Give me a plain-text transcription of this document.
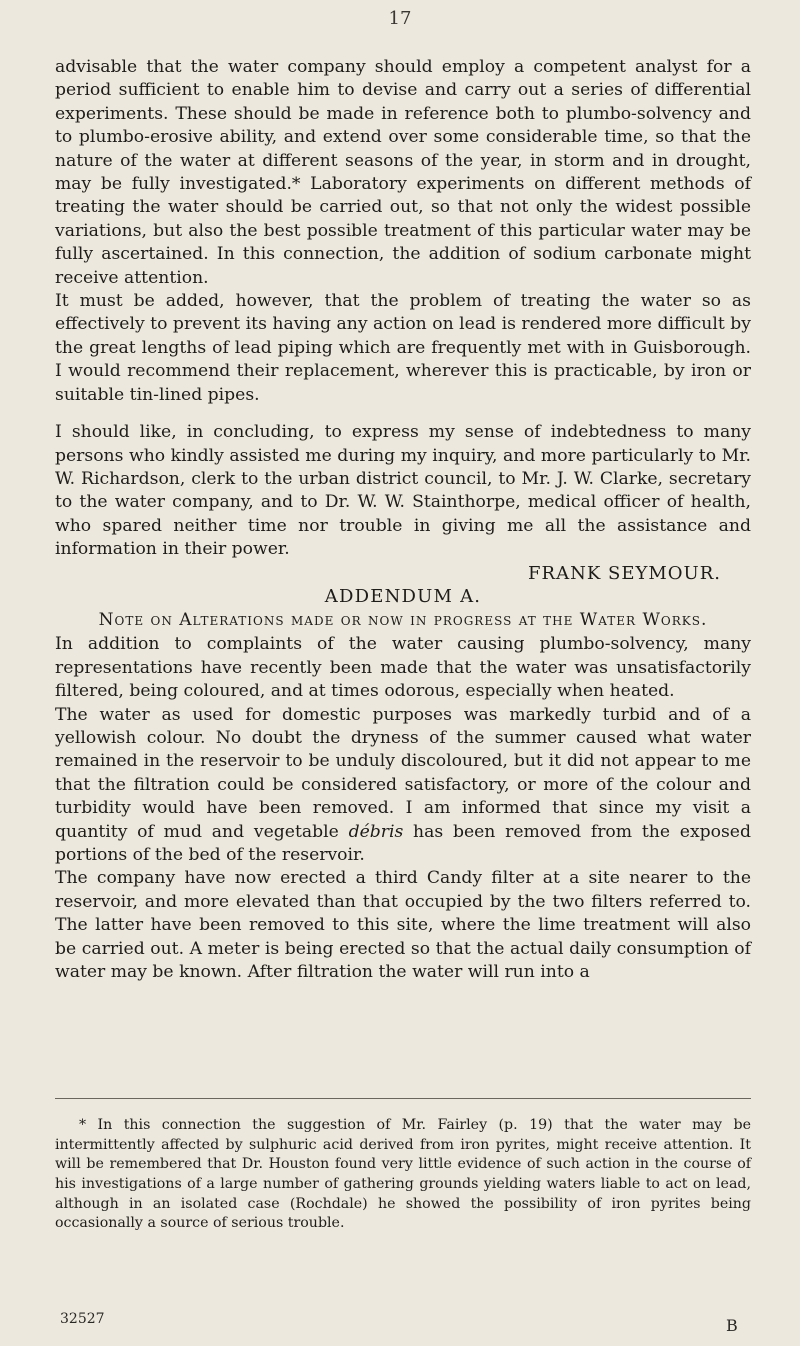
17

advisable that the water company should employ a competent analyst for a period sufficient to enable him to devise and carry out a series of differential experiments. These should be made in reference both to plumbo-solvency and to plumbo-erosive ability, and extend over some considerable time, so that the nature of the water at different seasons of the year, in storm and in drought, may be fully investigated.* Laboratory experiments on different methods of treating the water should be carried out, so that not only the widest possible variations, but also the best possible treatment of this particular water may be fully ascertained. In this connection, the addition of sodium carbonate might receive attention.

It must be added, however, that the problem of treating the water so as effectively to prevent its having any action on lead is rendered more difficult by the great lengths of lead piping which are frequently met with in Guisborough. I would recommend their replacement, wherever this is practicable, by iron or suitable tin-lined pipes.

I should like, in concluding, to express my sense of indebtedness to many persons who kindly assisted me during my inquiry, and more particularly to Mr. W. Richardson, clerk to the urban district council, to Mr. J. W. Clarke, secretary to the water company, and to Dr. W. W. Stainthorpe, medical officer of health, who spared neither time nor trouble in giving me all the assistance and information in their power.

FRANK SEYMOUR.

ADDENDUM A.

Note on Alterations made or now in progress at the Water Works.

In addition to complaints of the water causing plumbo-solvency, many representations have recently been made that the water was unsatisfactorily filtered, being coloured, and at times odorous, especially when heated.

The water as used for domestic purposes was markedly turbid and of a yellowish colour. No doubt the dryness of the summer caused what water remained in the reservoir to be unduly discoloured, but it did not appear to me that the filtration could be considered satisfactory, or more of the colour and turbidity would have been removed. I am informed that since my visit a quantity of mud and vegetable débris has been removed from the exposed portions of the bed of the reservoir.

The company have now erected a third Candy filter at a site nearer to the reservoir, and more elevated than that occupied by the two filters referred to. The latter have been removed to this site, where the lime treatment will also be carried out. A meter is being erected so that the actual daily consumption of water may be known. After filtration the water will run into a

* In this connection the suggestion of Mr. Fairley (p. 19) that the water may be intermittently affected by sulphuric acid derived from iron pyrites, might receive attention. It will be remembered that Dr. Houston found very little evidence of such action in the course of his investigations of a large number of gathering grounds yielding waters liable to act on lead, although in an isolated case (Rochdale) he showed the possibility of iron pyrites being occasionally a source of serious trouble.

32527	B
